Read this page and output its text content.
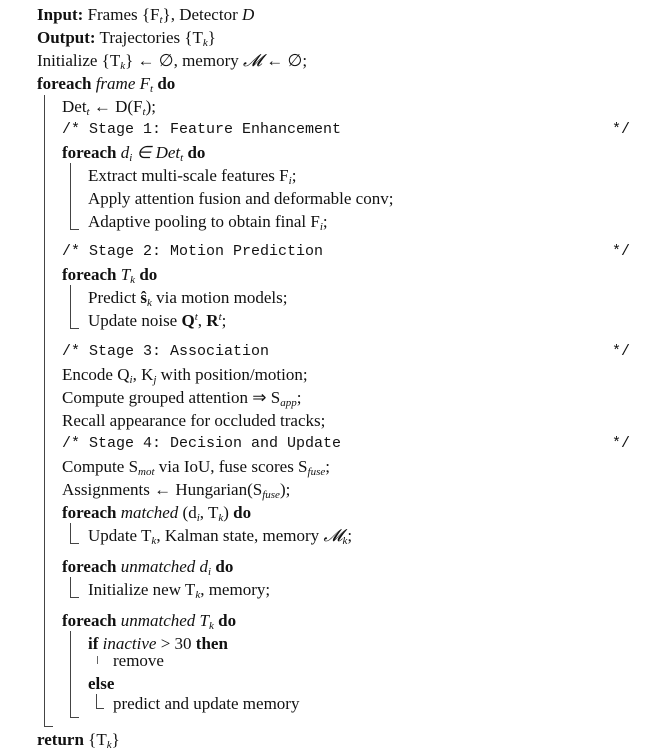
Input: Frames $\{F_t\}$, Detector D
Output: Trajectories $\{T_k\}$
Initialize $\{T_k\}$ ← ∅, memory 𝓜 ← ∅;
foreach frame $F_t$ do
Det$_t$ ← $D(F_t)$;
/* Stage 1: Feature Enhancement	*/
foreach $d_i$ ∈ Det$_t$ do
Extract multi-scale features $F_i$;
Apply attention fusion and deformable conv;
Adaptive pooling to obtain final $F_i$;
/* Stage 2: Motion Prediction	*/
foreach $T_k$ do
Predict $ŝ_k$ via motion models;
Update noise $Q^t$, $R^t$;
/* Stage 3: Association	*/
Encode $Q_i$, $K_j$ with position/motion;
Compute grouped attention ⇒ $S_{app}$;
Recall appearance for occluded tracks;
/* Stage 4: Decision and Update	*/
Compute $S_{mot}$ via IoU, fuse scores $S_{fuse}$;
Assignments ← $Hungarian(S_{fuse})$;
foreach matched ($d_i$, $T_k$) do
Update $T_k$, Kalman state, memory 𝓜$_k$;
foreach unmatched $d_i$ do
Initialize new $T_k$, memory;
foreach unmatched $T_k$ do
if inactive > 30 then
remove
else
predict and update memory
return $\{T_k\}$
